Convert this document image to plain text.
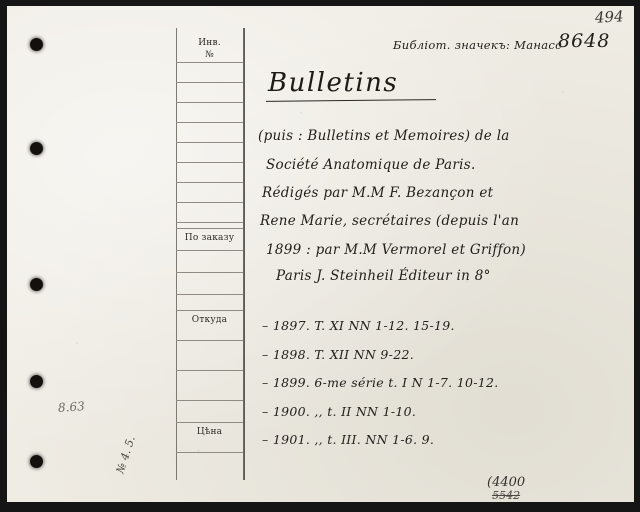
Инв.
№
По заказу
Откуда
Цѣна
Библіот. значекъ: Манасс
8648
494
Bulletins
(puis : Bulletins et Memoires) de la
Société Anatomique de Paris.
Rédigés par M.M F. Bezançon et
Rene Marie, secrétaires (depuis l'an
1899 : par M.M Vermorel et Griffon)
Paris J. Steinheil Éditeur in 8°
– 1897. T. XI NN 1-12. 15-19.
– 1898. T. XII NN 9-22.
– 1899. 6-me série t. I N 1-7. 10-12.
– 1900. ,, t. II NN 1-10.
– 1901. ,, t. III. NN 1-6. 9.
8.63
№ 4. 5.
(4400
5542
